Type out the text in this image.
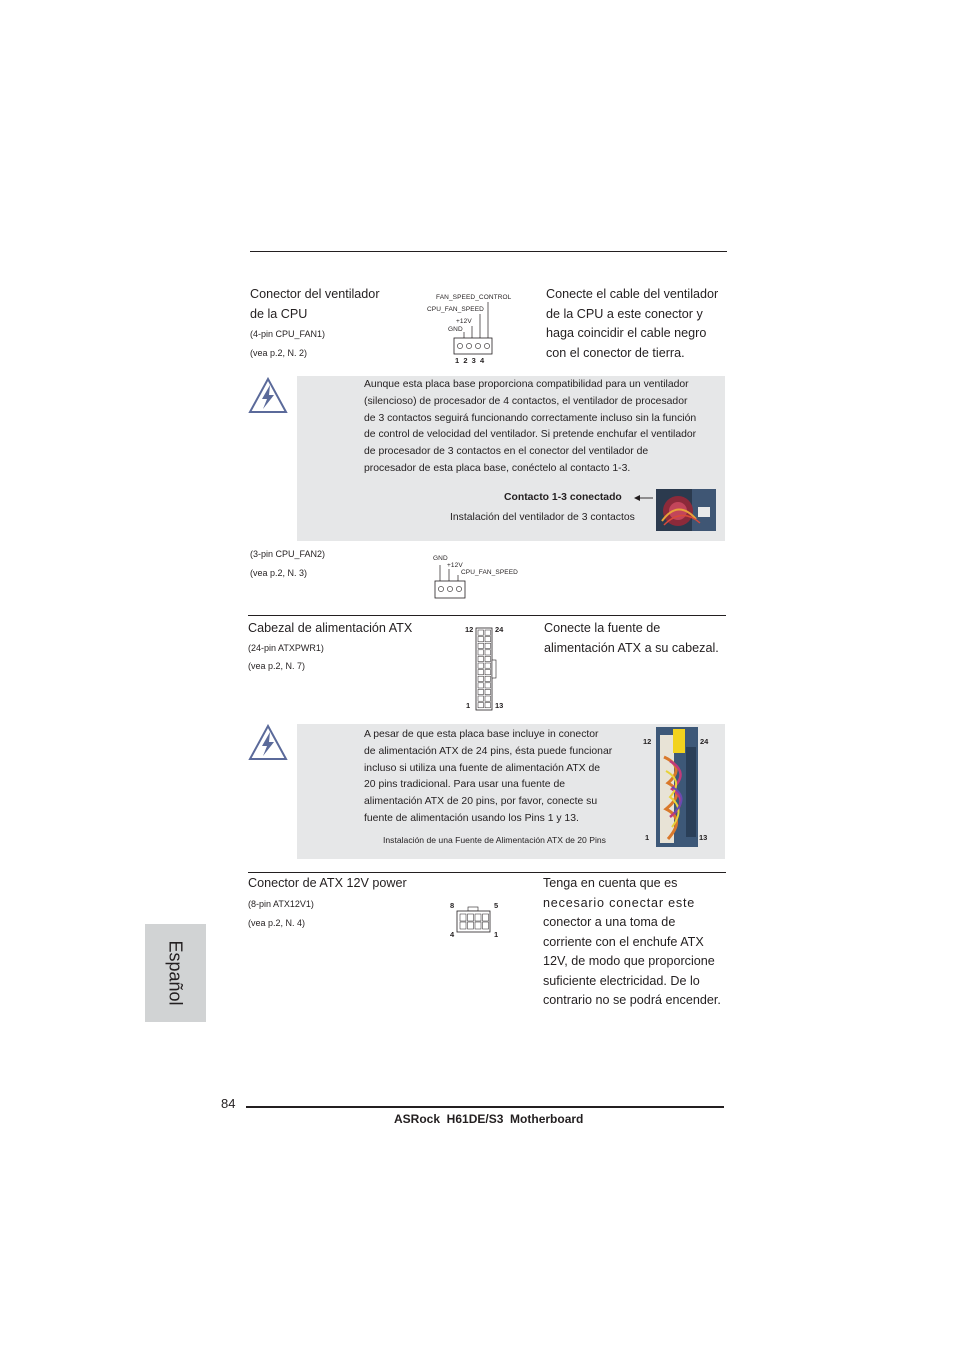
Conector del ventilador
de la CPU
(4-pin CPU_FAN1)
(vea p.2, N. 2)
FAN_SPEED_CONTROL
CPU_FAN_SPEED
+12V
GND
1  2  3  4
Conecte el cable del ventilador
de la CPU a este conector y
haga coincidir el cable negro
con el conector de tierra.
Aunque esta placa base proporciona compatibilidad para un ventilador
(silencioso) de procesador de 4 contactos, el ventilador de procesador
de 3 contactos seguirá funcionando correctamente incluso sin la función
de control de velocidad del ventilador. Si pretende enchufar el ventilador
de procesador de 3 contactos en el conector del ventilador de
procesador de esta placa base, conéctelo al contacto 1-3.
Contacto 1-3 conectado
Instalación del ventilador de 3 contactos
(3-pin CPU_FAN2)
(vea p.2, N. 3)
GND
+12V
CPU_FAN_SPEED
Cabezal de alimentación ATX
(24-pin ATXPWR1)
(vea p.2, N. 7)
12	24
1	13
Conecte la fuente de
alimentación ATX a su cabezal.
A pesar de que esta placa base incluye in conector
de alimentación ATX de 24 pins, ésta puede funcionar
incluso si utiliza una fuente de alimentación ATX de
20 pins tradicional. Para usar una fuente de
alimentación ATX de 20 pins, por favor, conecte su
fuente de alimentación usando los Pins 1 y 13.
Instalación de una Fuente de Alimentación ATX de 20 Pins
12	24
1	13
Conector de ATX 12V power
(8-pin ATX12V1)
(vea p.2, N. 4)
8	5
4	1
Tenga en cuenta que es
necesario conectar este
conector a una toma de
corriente con el enchufe ATX
12V, de modo que proporcione
suficiente electricidad. De lo
contrario no se podrá encender.
Español
84
ASRock  H61DE/S3  Motherboard
